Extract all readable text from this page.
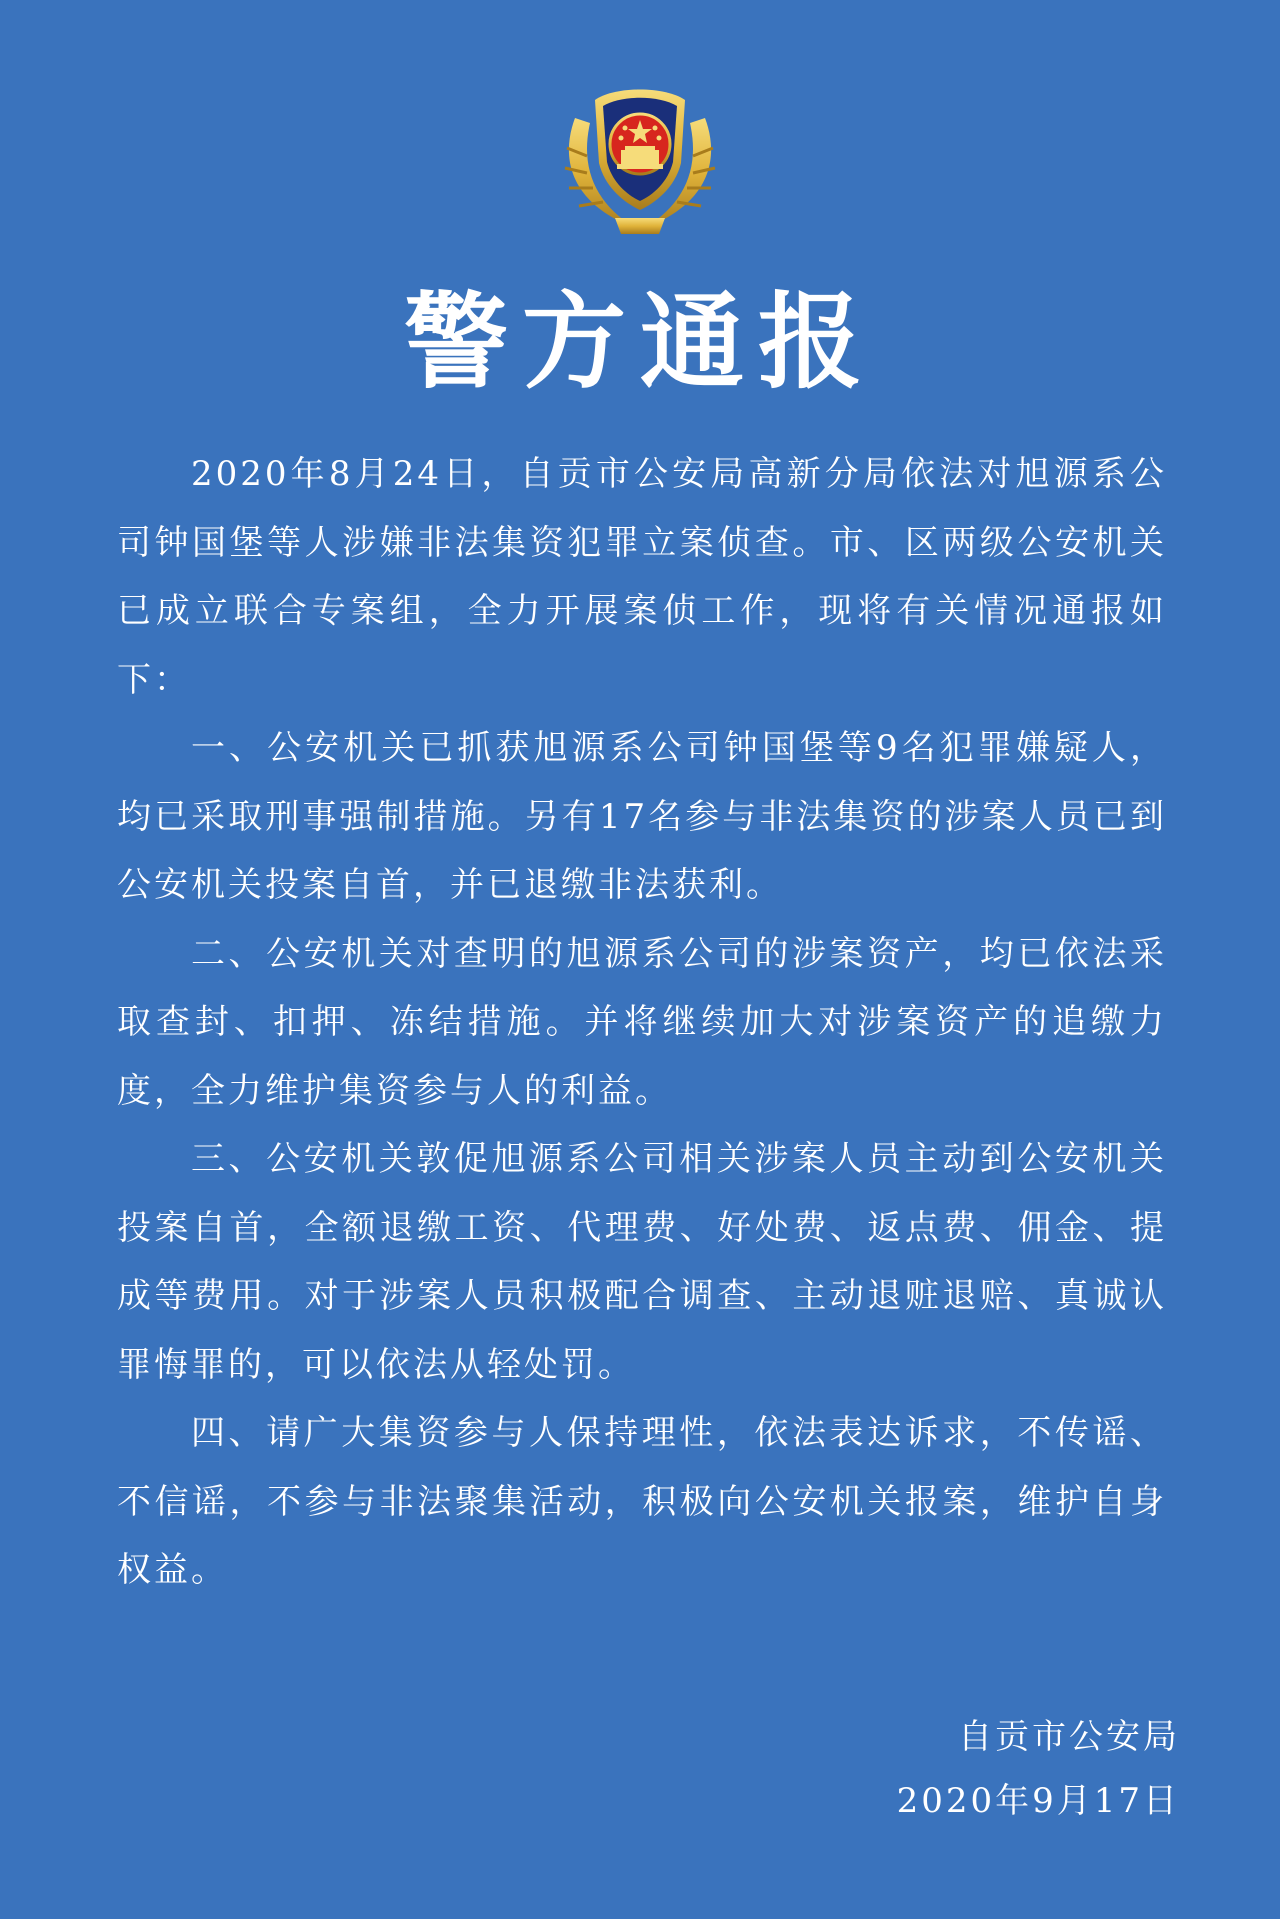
警方通报

2020年8月24日，自贡市公安局高新分局依法对旭源系公司钟国堡等人涉嫌非法集资犯罪立案侦查。市、区两级公安机关已成立联合专案组，全力开展案侦工作，现将有关情况通报如下：

一、公安机关已抓获旭源系公司钟国堡等9名犯罪嫌疑人，均已采取刑事强制措施。另有17名参与非法集资的涉案人员已到公安机关投案自首，并已退缴非法获利。

二、公安机关对查明的旭源系公司的涉案资产，均已依法采取查封、扣押、冻结措施。并将继续加大对涉案资产的追缴力度，全力维护集资参与人的利益。

三、公安机关敦促旭源系公司相关涉案人员主动到公安机关投案自首，全额退缴工资、代理费、好处费、返点费、佣金、提成等费用。对于涉案人员积极配合调查、主动退赃退赔、真诚认罪悔罪的，可以依法从轻处罚。

四、请广大集资参与人保持理性，依法表达诉求，不传谣、不信谣，不参与非法聚集活动，积极向公安机关报案，维护自身权益。

自贡市公安局
2020年9月17日
